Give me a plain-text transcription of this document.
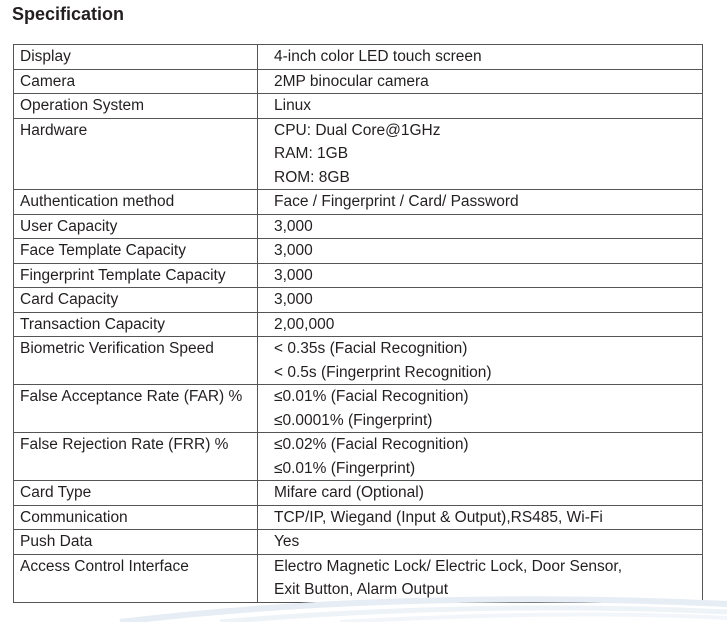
Specification
Display	4-inch color LED touch screen

Camera	2MP binocular camera

Operation System	Linux

Hardware	CPU: Dual Core@1GHz
RAM: 1GB
ROM: 8GB

Authentication method	Face / Fingerprint / Card/ Password

User Capacity	3,000

Face Template Capacity	3,000

Fingerprint Template Capacity	3,000

Card Capacity	3,000

Transaction Capacity	2,00,000

Biometric Verification Speed	< 0.35s (Facial Recognition)
< 0.5s (Fingerprint Recognition)

False Acceptance Rate (FAR) %	≤0.01% (Facial Recognition)
≤0.0001% (Fingerprint)

False Rejection Rate (FRR) %	≤0.02% (Facial Recognition)
≤0.01% (Fingerprint)

Card Type	Mifare card (Optional)

Communication	TCP/IP, Wiegand (Input & Output),RS485, Wi-Fi

Push Data	Yes

Access Control Interface	Electro Magnetic Lock/ Electric Lock, Door Sensor,
Exit Button, Alarm Output
